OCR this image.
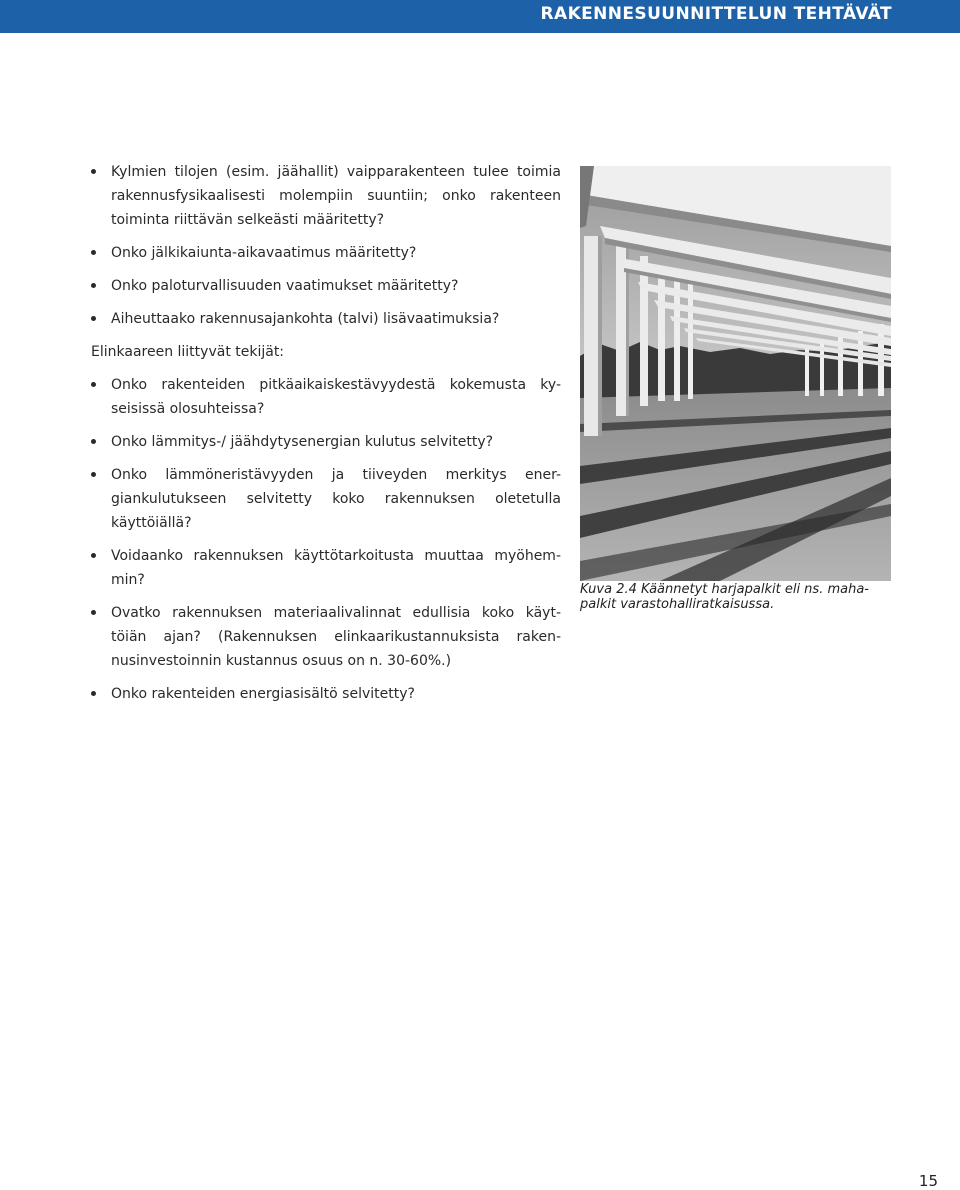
RAKENNESUUNNITTELUN TEHTÄVÄT
Kylmien tilojen (esim. jäähallit) vaipparakenteen tulee toimia
rakennusfysikaalisesti molempiin suuntiin; onko rakenteen
toiminta riittävän selkeästi määritetty?
Onko jälkikaiunta-aikavaatimus määritetty?
Onko paloturvallisuuden vaatimukset määritetty?
Aiheuttaako rakennusajankohta (talvi) lisävaatimuksia?
Elinkaareen liittyvät tekijät:
Onko rakenteiden pitkäaikaiskestävyydestä kokemusta ky-
seisissä olosuhteissa?
Onko lämmitys-/ jäähdytysenergian kulutus selvitetty?
Onko lämmöneristävyyden ja tiiveyden merkitys ener-
giankulutukseen selvitetty koko rakennuksen oletetulla
käyttöiällä?
Voidaanko rakennuksen käyttötarkoitusta muuttaa myöhem-
min?
Ovatko rakennuksen materiaalivalinnat edullisia koko käyt-
töiän ajan? (Rakennuksen elinkaarikustannuksista raken-
nusinvestoinnin kustannus osuus on n. 30-60%.)
Onko rakenteiden energiasisältö selvitetty?
Kuva 2.4 Käännetyt harjapalkit eli ns. maha-
palkit varastohalliratkaisussa.
15
